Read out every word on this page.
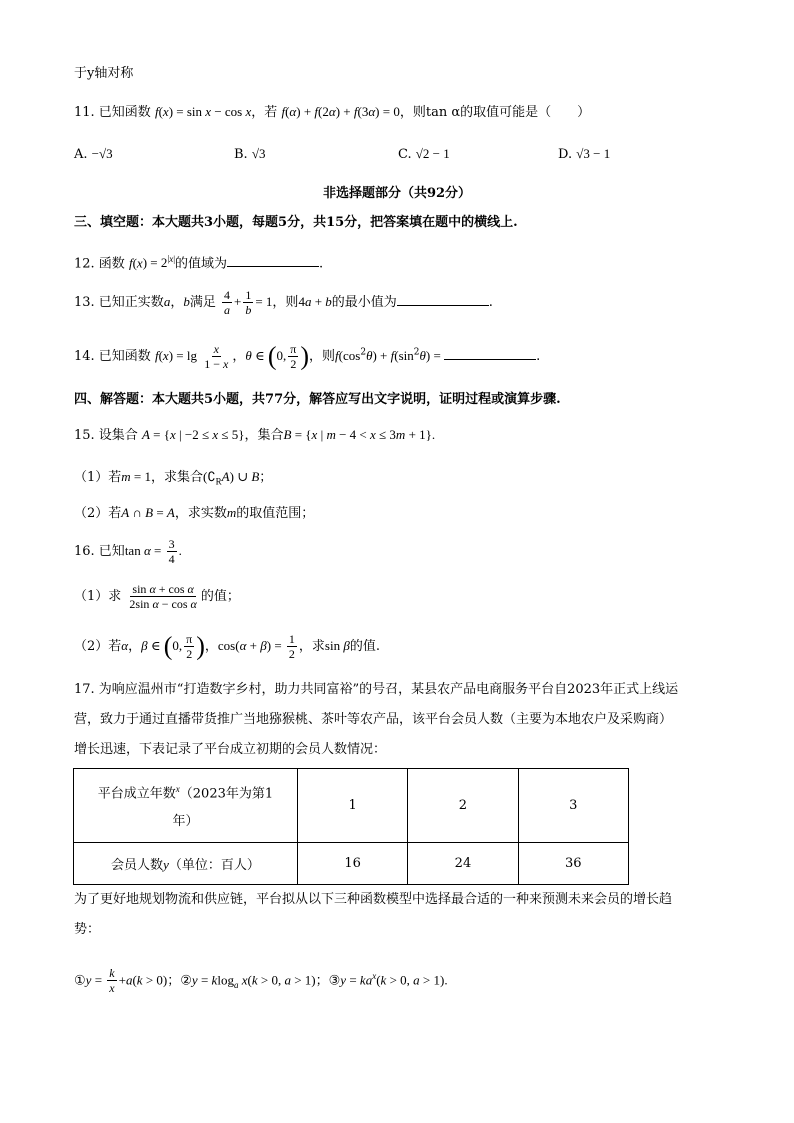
于y轴对称
11. 已知函数 f(x) = sin x − cos x，若 f(α) + f(2α) + f(3α) = 0，则tan α的取值可能是（　　）
A. −√3	B. √3	C. √2 − 1	D. √3 − 1
非选择题部分（共92分）
三、填空题：本大题共3小题，每题5分，共15分，把答案填在题中的横线上.
12. 函数 $f(x) = 2^{|x|}$的值域为	.
13. 已知正实数a，b满足 $\frac{4}{a} + \frac{1}{b} = 1$，则4a + b的最小值为	.
14. 已知函数 $f(x) = \lg \frac{x}{1 - x}$ ，θ ∈ (0, $\frac{\pi}{2}$ )，则$f(\cos^2\theta) + f(\sin^2\theta)$ =	.
四、解答题：本大题共5小题，共77分，解答应写出文字说明，证明过程或演算步骤.
15. 设集合 A = {x | −2 ≤ x ≤ 5}，集合B = {x | m − 4 < x ≤ 3m + 1}.
（1）若m = 1，求集合$(∁_RA)$ ∪ B；
（2）若A ∩ B = A，求实数m的取值范围；
16. 已知$\tan \alpha = \frac{3}{4}$ .
（1）求 $\frac{\text{sin α + cos α}}{\text{2sin α − cos α}}$ 的值；
（2）若α，β ∈ (0, $\frac{\pi}{2}$ )，$\cos(\alpha + \beta) = \frac{1}{2}$ ，求sin β的值.
17. 为响应温州市“打造数字乡村，助力共同富裕”的号召，某县农产品电商服务平台自2023年正式上线运
营，致力于通过直播带货推广当地猕猴桃、茶叶等农产品，该平台会员人数（主要为本地农户及采购商）
增长迅速，下表记录了平台成立初期的会员人数情况：
平台成立年数$^x$（2023年为第1
年）	1	2	3
会员人数y（单位：百人）	16	24	36
为了更好地规划物流和供应链，平台拟从以下三种函数模型中选择最合适的一种来预测未来会员的增长趋
势：
①y = $\frac{k}{x} +a(k > 0)$；②y = klog$_a$ x(k > 0, a > 1)；③y = $ka^x(k > 0$, a > 1).
